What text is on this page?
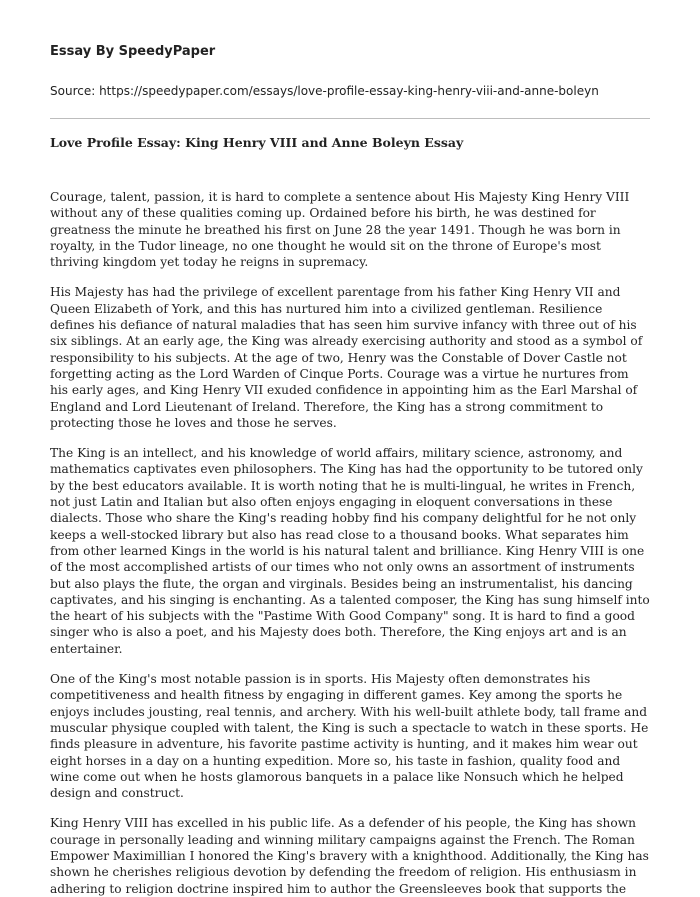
Essay By SpeedyPaper

Source: https://speedypaper.com/essays/love-profile-essay-king-henry-viii-and-anne-boleyn

Love Profile Essay: King Henry VIII and Anne Boleyn Essay

Courage, talent, passion, it is hard to complete a sentence about His Majesty King Henry VIII without any of these qualities coming up. Ordained before his birth, he was destined for greatness the minute he breathed his first on June 28 the year 1491. Though he was born in royalty, in the Tudor lineage, no one thought he would sit on the throne of Europe's most thriving kingdom yet today he reigns in supremacy.

His Majesty has had the privilege of excellent parentage from his father King Henry VII and Queen Elizabeth of York, and this has nurtured him into a civilized gentleman. Resilience defines his defiance of natural maladies that has seen him survive infancy with three out of his six siblings. At an early age, the King was already exercising authority and stood as a symbol of responsibility to his subjects. At the age of two, Henry was the Constable of Dover Castle not forgetting acting as the Lord Warden of Cinque Ports. Courage was a virtue he nurtures from his early ages, and King Henry VII exuded confidence in appointing him as the Earl Marshal of England and Lord Lieutenant of Ireland. Therefore, the King has a strong commitment to protecting those he loves and those he serves.

The King is an intellect, and his knowledge of world affairs, military science, astronomy, and mathematics captivates even philosophers. The King has had the opportunity to be tutored only by the best educators available. It is worth noting that he is multi-lingual, he writes in French, not just Latin and Italian but also often enjoys engaging in eloquent conversations in these dialects. Those who share the King's reading hobby find his company delightful for he not only keeps a well-stocked library but also has read close to a thousand books. What separates him from other learned Kings in the world is his natural talent and brilliance. King Henry VIII is one of the most accomplished artists of our times who not only owns an assortment of instruments but also plays the flute, the organ and virginals. Besides being an instrumentalist, his dancing captivates, and his singing is enchanting. As a talented composer, the King has sung himself into the heart of his subjects with the "Pastime With Good Company" song. It is hard to find a good singer who is also a poet, and his Majesty does both. Therefore, the King enjoys art and is an entertainer.

One of the King's most notable passion is in sports. His Majesty often demonstrates his competitiveness and health fitness by engaging in different games. Key among the sports he enjoys includes jousting, real tennis, and archery. With his well-built athlete body, tall frame and muscular physique coupled with talent, the King is such a spectacle to watch in these sports. He finds pleasure in adventure, his favorite pastime activity is hunting, and it makes him wear out eight horses in a day on a hunting expedition. More so, his taste in fashion, quality food and wine come out when he hosts glamorous banquets in a palace like Nonsuch which he helped design and construct.

King Henry VIII has excelled in his public life. As a defender of his people, the King has shown courage in personally leading and winning military campaigns against the French. The Roman Empower Maximillian I honored the King's bravery with a knighthood. Additionally, the King has shown he cherishes religious devotion by defending the freedom of religion. His enthusiasm in adhering to religion doctrine inspired him to author the Greensleeves book that supports the
